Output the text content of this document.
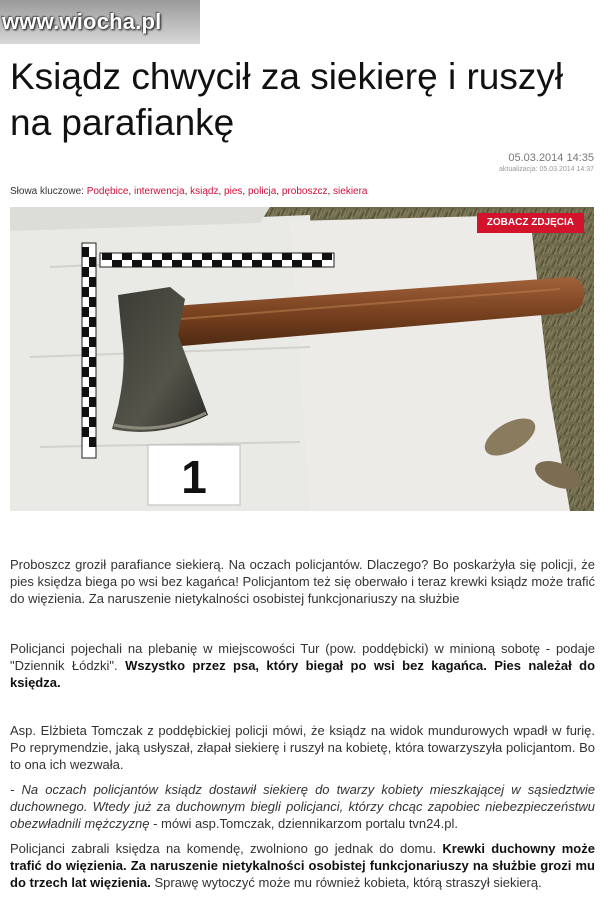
www.wiocha.pl
Ksiądz chwycił za siekierę i ruszył na parafiankę
05.03.2014 14:35
aktualizacja: 05.03.2014 14:37
Słowa kluczowe: Podębice, interwencja, ksiądz, pies, policja, proboszcz, siekiera
1
ZOBACZ ZDJĘCIA

Proboszcz groził parafiance siekierą. Na oczach policjantów. Dlaczego? Bo poskarżyła się policji, że pies księdza biega po wsi bez kagańca! Policjantom też się oberwało i teraz krewki ksiądz może trafić do więzienia. Za naruszenie nietykalności osobistej funkcjonariuszy na służbie

Policjanci pojechali na plebanię w miejscowości Tur (pow. poddębicki) w minioną sobotę - podaje "Dziennik Łódzki". Wszystko przez psa, który biegał po wsi bez kagańca. Pies należał do księdza.

Asp. Elżbieta Tomczak z poddębickiej policji mówi, że ksiądz na widok mundurowych wpadł w furię. Po reprymendzie, jaką usłyszał, złapał siekierę i ruszył na kobietę, która towarzyszyła policjantom. Bo to ona ich wezwała.

- Na oczach policjantów ksiądz dostawił siekierę do twarzy kobiety mieszkającej w sąsiedztwie duchownego. Wtedy już za duchownym biegli policjanci, którzy chcąc zapobiec niebezpieczeństwu obezwładnili mężczyznę - mówi asp.Tomczak, dziennikarzom portalu tvn24.pl.

Policjanci zabrali księdza na komendę, zwolniono go jednak do domu. Krewki duchowny może trafić do więzienia. Za naruszenie nietykalności osobistej funkcjonariuszy na służbie grozi mu do trzech lat więzienia. Sprawę wytoczyć może mu również kobieta, którą straszył siekierą.
